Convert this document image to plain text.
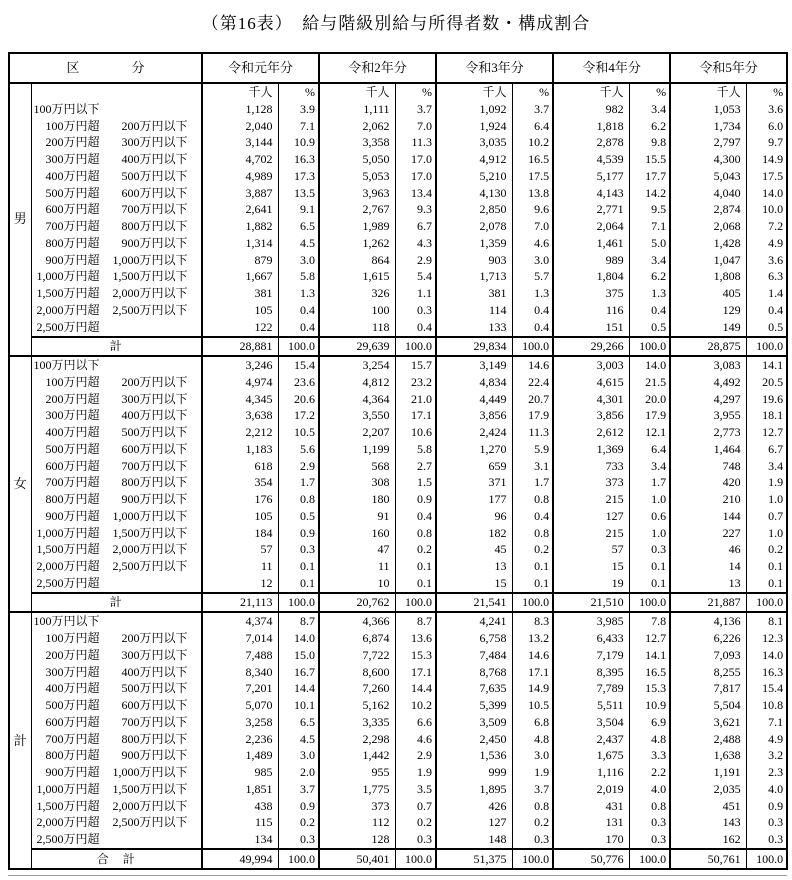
（第16表）　給与階級別給与所得者数・構成割合
区　　　　分		令和元年分		令和2年分		令和3年分		令和4年分		令和5年分	
男		千人	%	千人	%	千人	%	千人	%	千人	%

	100万円以下	1,128	3.9	1,111	3.7	1,092	3.7	982	3.4	1,053	3.6

	100万円超 200万円以下	2,040	7.1	2,062	7.0	1,924	6.4	1,818	6.2	1,734	6.0

	200万円超 300万円以下	3,144	10.9	3,358	11.3	3,035	10.2	2,878	9.8	2,797	9.7

	300万円超 400万円以下	4,702	16.3	5,050	17.0	4,912	16.5	4,539	15.5	4,300	14.9

	400万円超 500万円以下	4,989	17.3	5,053	17.0	5,210	17.5	5,177	17.7	5,043	17.5

	500万円超 600万円以下	3,887	13.5	3,963	13.4	4,130	13.8	4,143	14.2	4,040	14.0

	600万円超 700万円以下	2,641	9.1	2,767	9.3	2,850	9.6	2,771	9.5	2,874	10.0

	700万円超 800万円以下	1,882	6.5	1,989	6.7	2,078	7.0	2,064	7.1	2,068	7.2

	800万円超 900万円以下	1,314	4.5	1,262	4.3	1,359	4.6	1,461	5.0	1,428	4.9

	900万円超 1,000万円以下	879	3.0	864	2.9	903	3.0	989	3.4	1,047	3.6

	1,000万円超 1,500万円以下	1,667	5.8	1,615	5.4	1,713	5.7	1,804	6.2	1,808	6.3

	1,500万円超 2,000万円以下	381	1.3	326	1.1	381	1.3	375	1.3	405	1.4

	2,000万円超 2,500万円以下	105	0.4	100	0.3	114	0.4	116	0.4	129	0.4

	2,500万円超	122	0.4	118	0.4	133	0.4	151	0.5	149	0.5
	計	28,881	100.0	29,639	100.0	29,834	100.0	29,266	100.0	28,875	100.0
女	100万円以下	3,246	15.4	3,254	15.7	3,149	14.6	3,003	14.0	3,083	14.1

	100万円超 200万円以下	4,974	23.6	4,812	23.2	4,834	22.4	4,615	21.5	4,492	20.5

	200万円超 300万円以下	4,345	20.6	4,364	21.0	4,449	20.7	4,301	20.0	4,297	19.6

	300万円超 400万円以下	3,638	17.2	3,550	17.1	3,856	17.9	3,856	17.9	3,955	18.1

	400万円超 500万円以下	2,212	10.5	2,207	10.6	2,424	11.3	2,612	12.1	2,773	12.7

	500万円超 600万円以下	1,183	5.6	1,199	5.8	1,270	5.9	1,369	6.4	1,464	6.7

	600万円超 700万円以下	618	2.9	568	2.7	659	3.1	733	3.4	748	3.4

	700万円超 800万円以下	354	1.7	308	1.5	371	1.7	373	1.7	420	1.9

	800万円超 900万円以下	176	0.8	180	0.9	177	0.8	215	1.0	210	1.0

	900万円超 1,000万円以下	105	0.5	91	0.4	96	0.4	127	0.6	144	0.7

	1,000万円超 1,500万円以下	184	0.9	160	0.8	182	0.8	215	1.0	227	1.0

	1,500万円超 2,000万円以下	57	0.3	47	0.2	45	0.2	57	0.3	46	0.2

	2,000万円超 2,500万円以下	11	0.1	11	0.1	13	0.1	15	0.1	14	0.1

	2,500万円超	12	0.1	10	0.1	15	0.1	19	0.1	13	0.1
	計	21,113	100.0	20,762	100.0	21,541	100.0	21,510	100.0	21,887	100.0
計	100万円以下	4,374	8.7	4,366	8.7	4,241	8.3	3,985	7.8	4,136	8.1

	100万円超 200万円以下	7,014	14.0	6,874	13.6	6,758	13.2	6,433	12.7	6,226	12.3

	200万円超 300万円以下	7,488	15.0	7,722	15.3	7,484	14.6	7,179	14.1	7,093	14.0

	300万円超 400万円以下	8,340	16.7	8,600	17.1	8,768	17.1	8,395	16.5	8,255	16.3

	400万円超 500万円以下	7,201	14.4	7,260	14.4	7,635	14.9	7,789	15.3	7,817	15.4

	500万円超 600万円以下	5,070	10.1	5,162	10.2	5,399	10.5	5,511	10.9	5,504	10.8

	600万円超 700万円以下	3,258	6.5	3,335	6.6	3,509	6.8	3,504	6.9	3,621	7.1

	700万円超 800万円以下	2,236	4.5	2,298	4.6	2,450	4.8	2,437	4.8	2,488	4.9

	800万円超 900万円以下	1,489	3.0	1,442	2.9	1,536	3.0	1,675	3.3	1,638	3.2

	900万円超 1,000万円以下	985	2.0	955	1.9	999	1.9	1,116	2.2	1,191	2.3

	1,000万円超 1,500万円以下	1,851	3.7	1,775	3.5	1,895	3.7	2,019	4.0	2,035	4.0

	1,500万円超 2,000万円以下	438	0.9	373	0.7	426	0.8	431	0.8	451	0.9

	2,000万円超 2,500万円以下	115	0.2	112	0.2	127	0.2	131	0.3	143	0.3

	2,500万円超	134	0.3	128	0.3	148	0.3	170	0.3	162	0.3
	合　計	49,994	100.0	50,401	100.0	51,375	100.0	50,776	100.0	50,761	100.0
